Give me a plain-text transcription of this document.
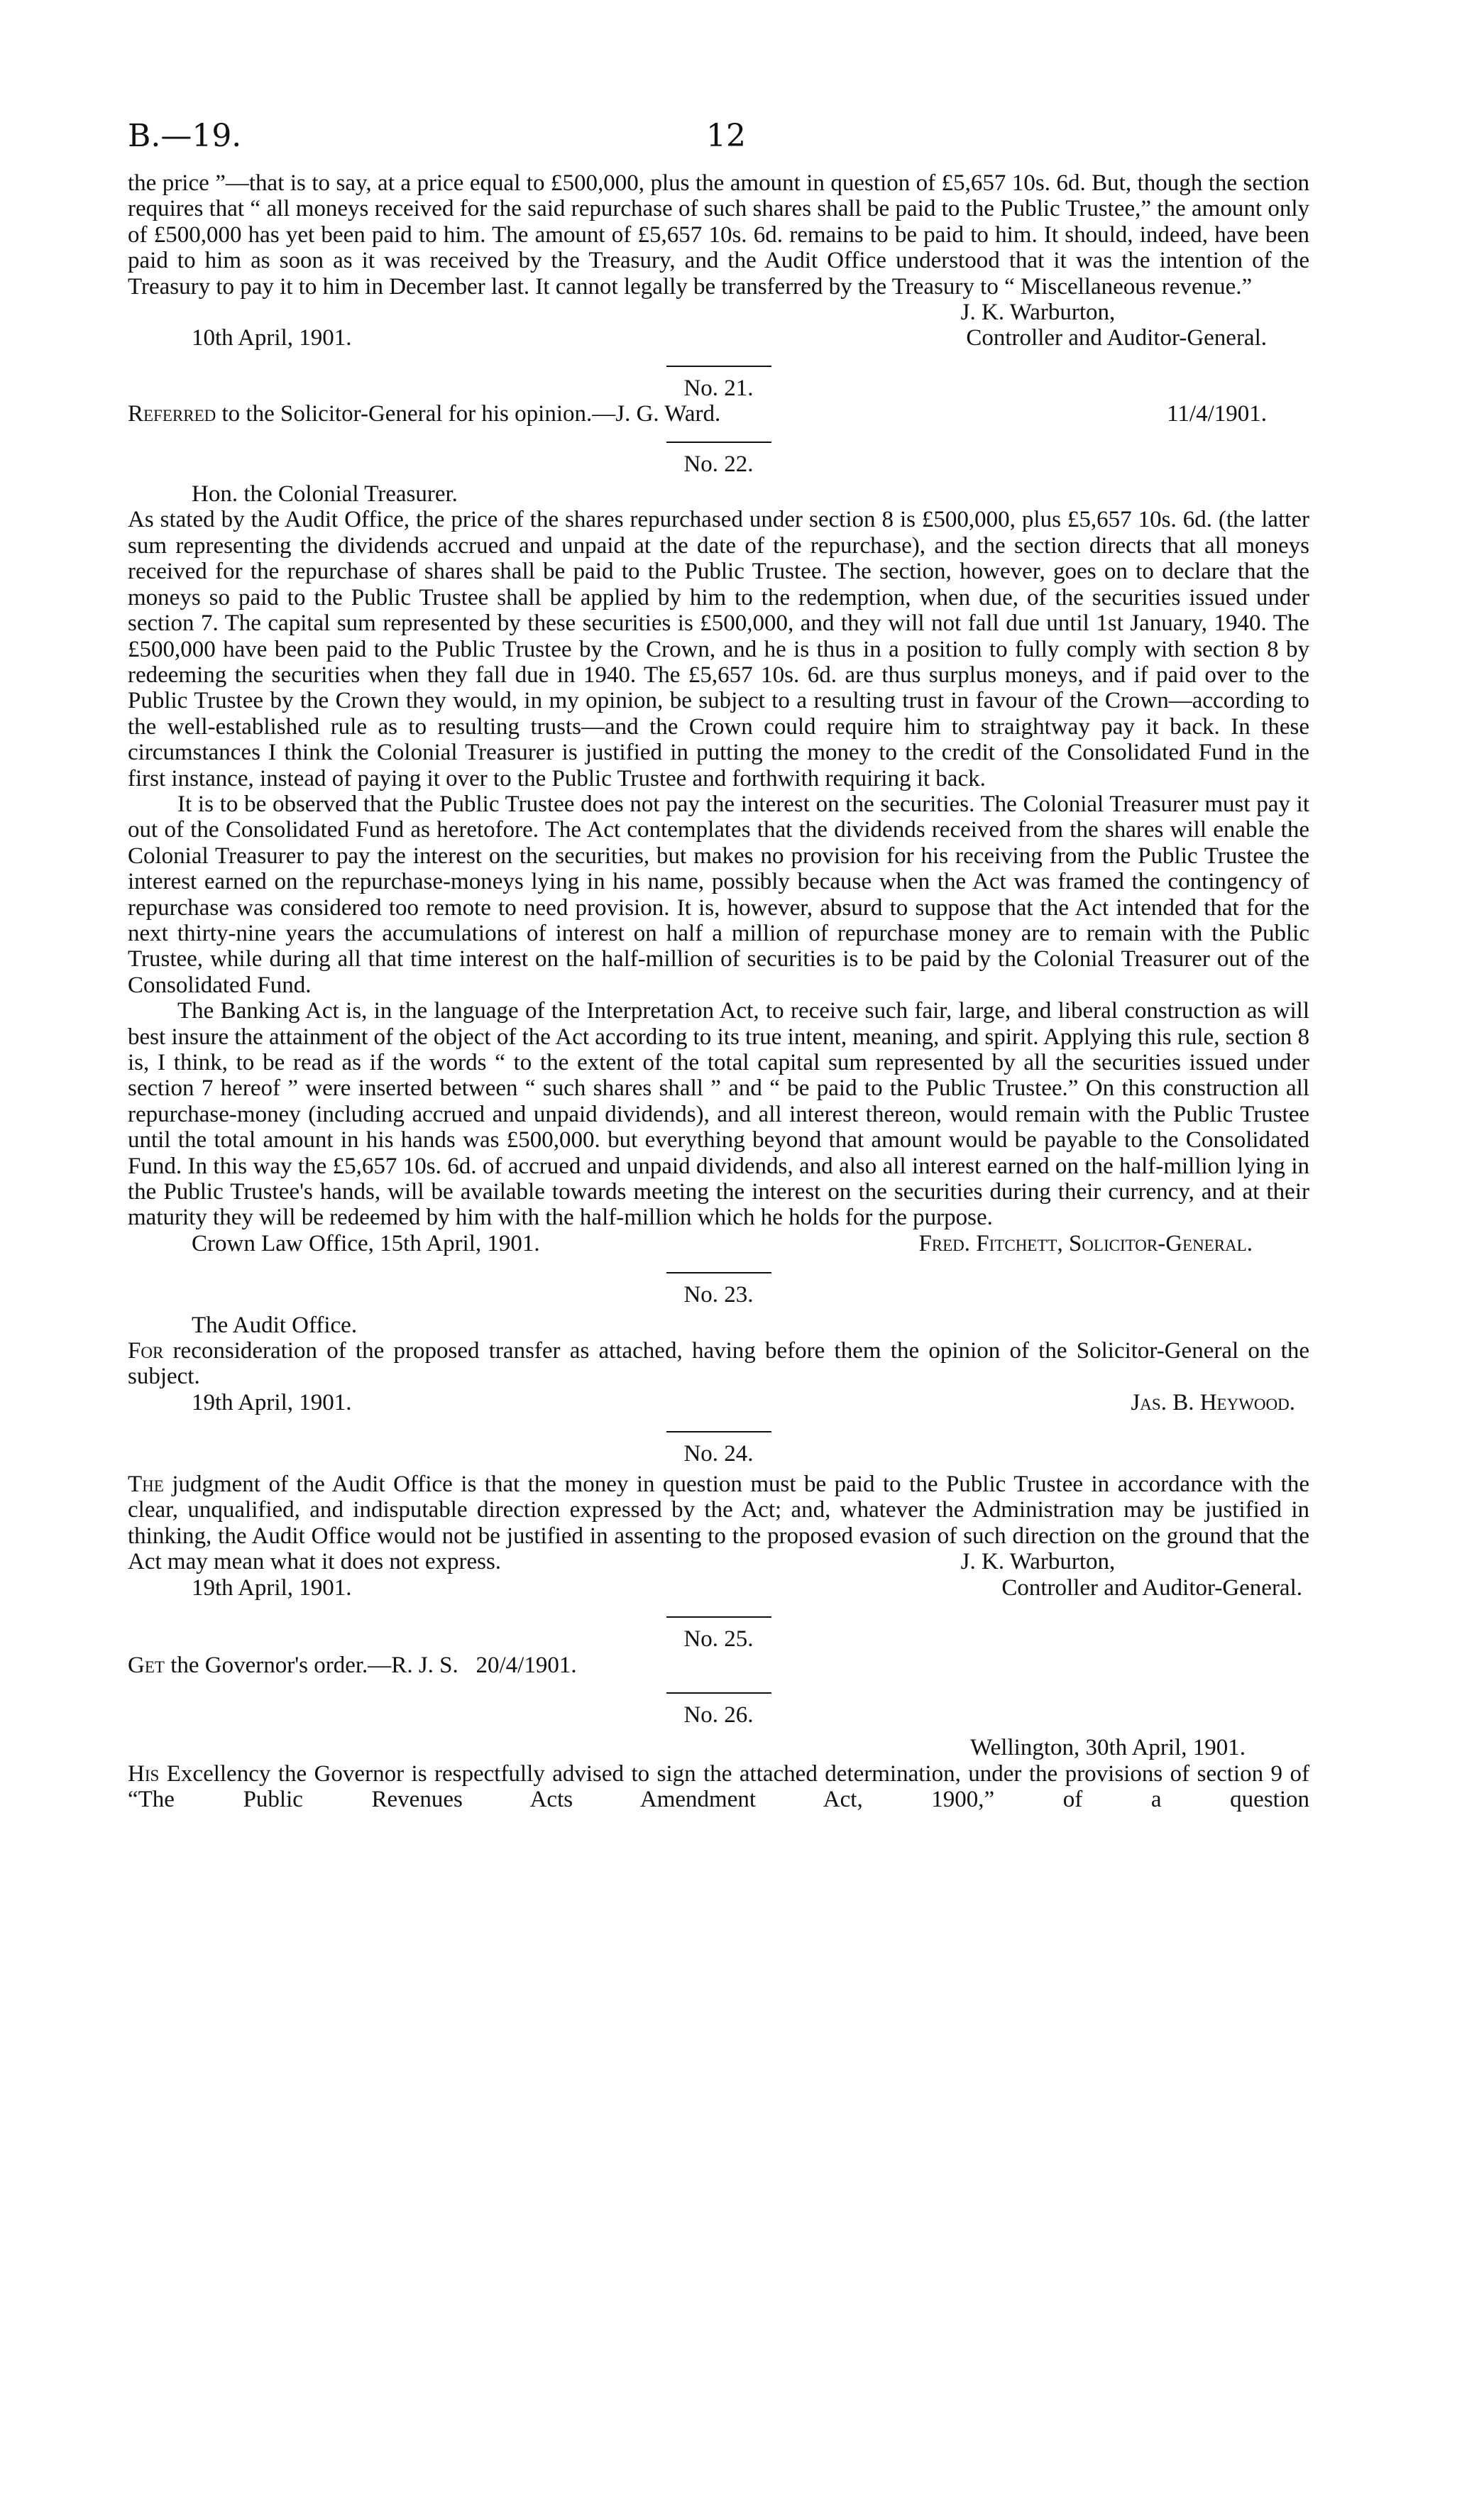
B.—19.	12

the price ”—that is to say, at a price equal to £500,000, plus the amount in question of £5,657 10s. 6d. But, though the section requires that “ all moneys received for the said repurchase of such shares shall be paid to the Public Trustee,” the amount only of £500,000 has yet been paid to him. The amount of £5,657 10s. 6d. remains to be paid to him. It should, indeed, have been paid to him as soon as it was received by the Treasury, and the Audit Office understood that it was the intention of the Treasury to pay it to him in December last. It cannot legally be transferred by the Treasury to “ Miscellaneous revenue.”

J. K. Warburton,
10th April, 1901.	Controller and Auditor-General.
No. 21.
Referred to the Solicitor-General for his opinion.—J. G. Ward.	11/4/1901.
No. 22.
Hon. the Colonial Treasurer.

As stated by the Audit Office, the price of the shares repurchased under section 8 is £500,000, plus £5,657 10s. 6d. (the latter sum representing the dividends accrued and unpaid at the date of the repurchase), and the section directs that all moneys received for the repurchase of shares shall be paid to the Public Trustee. The section, however, goes on to declare that the moneys so paid to the Public Trustee shall be applied by him to the redemption, when due, of the securities issued under section 7. The capital sum represented by these securities is £500,000, and they will not fall due until 1st January, 1940. The £500,000 have been paid to the Public Trustee by the Crown, and he is thus in a position to fully comply with section 8 by redeeming the securities when they fall due in 1940. The £5,657 10s. 6d. are thus surplus moneys, and if paid over to the Public Trustee by the Crown they would, in my opinion, be subject to a resulting trust in favour of the Crown—according to the well-established rule as to resulting trusts—and the Crown could require him to straightway pay it back. In these circumstances I think the Colonial Treasurer is justified in putting the money to the credit of the Consolidated Fund in the first instance, instead of paying it over to the Public Trustee and forthwith requiring it back.

It is to be observed that the Public Trustee does not pay the interest on the securities. The Colonial Treasurer must pay it out of the Consolidated Fund as heretofore. The Act contemplates that the dividends received from the shares will enable the Colonial Treasurer to pay the interest on the securities, but makes no provision for his receiving from the Public Trustee the interest earned on the repurchase-moneys lying in his name, possibly because when the Act was framed the contingency of repurchase was considered too remote to need provision. It is, however, absurd to suppose that the Act intended that for the next thirty-nine years the accumulations of interest on half a million of repurchase money are to remain with the Public Trustee, while during all that time interest on the half-million of securities is to be paid by the Colonial Treasurer out of the Consolidated Fund.

The Banking Act is, in the language of the Interpretation Act, to receive such fair, large, and liberal construction as will best insure the attainment of the object of the Act according to its true intent, meaning, and spirit. Applying this rule, section 8 is, I think, to be read as if the words “ to the extent of the total capital sum represented by all the securities issued under section 7 hereof ” were inserted between “ such shares shall ” and “ be paid to the Public Trustee.” On this construction all repurchase-money (including accrued and unpaid dividends), and all interest thereon, would remain with the Public Trustee until the total amount in his hands was £500,000. but everything beyond that amount would be payable to the Consolidated Fund. In this way the £5,657 10s. 6d. of accrued and unpaid dividends, and also all interest earned on the half-million lying in the Public Trustee's hands, will be available towards meeting the interest on the securities during their currency, and at their maturity they will be redeemed by him with the half-million which he holds for the purpose.

Crown Law Office, 15th April, 1901.	Fred. Fitchett, Solicitor-General.
No. 23.
The Audit Office.

For reconsideration of the proposed transfer as attached, having before them the opinion of the Solicitor-General on the subject.

19th April, 1901.	Jas. B. Heywood.
No. 24.

The judgment of the Audit Office is that the money in question must be paid to the Public Trustee in accordance with the clear, unqualified, and indisputable direction expressed by the Act; and, whatever the Administration may be justified in thinking, the Audit Office would not be justified in assenting to the proposed evasion of such direction on the ground that the Act may mean what it does not express.	J. K. Warburton,
19th April, 1901.	Controller and Auditor-General.
No. 25.

Get the Governor's order.—R. J. S.   20/4/1901.

No. 26.
Wellington, 30th April, 1901.

His Excellency the Governor is respectfully advised to sign the attached determination, under the provisions of section 9 of “The Public Revenues Acts Amendment Act, 1900,” of a question
